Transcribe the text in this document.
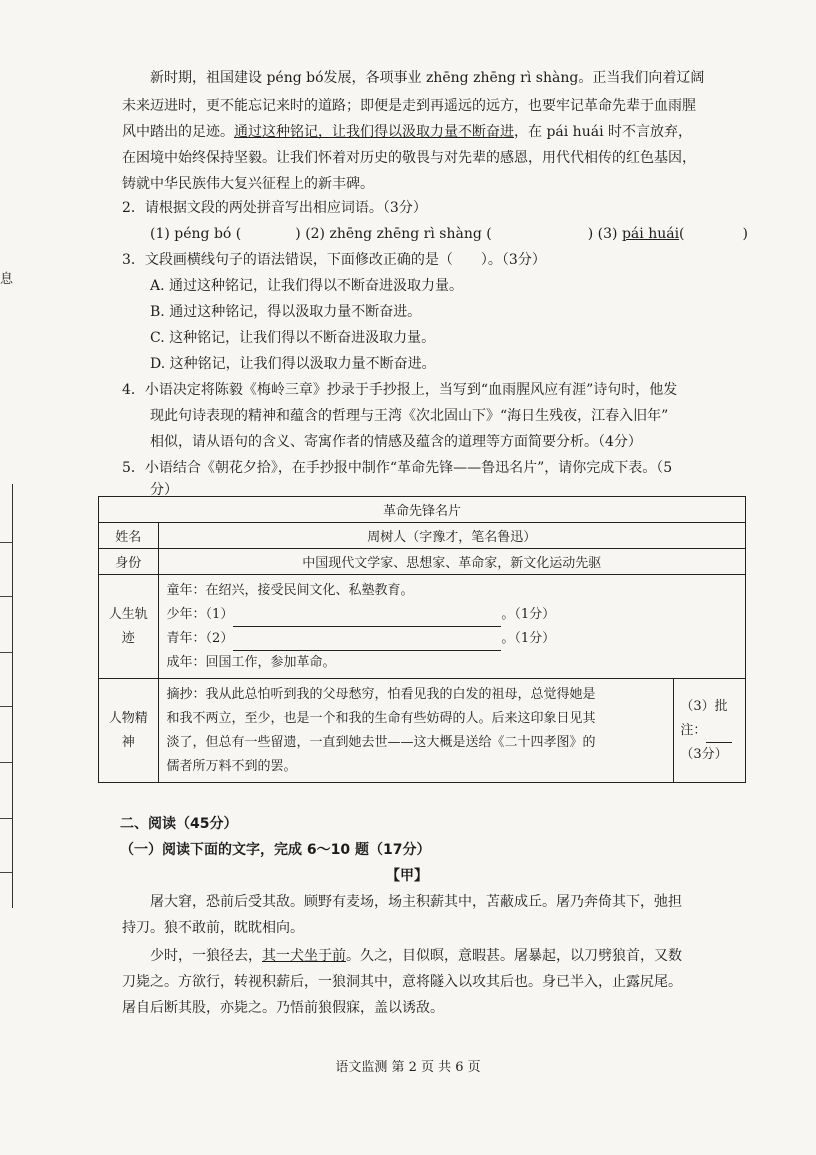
息
新时期，祖国建设 péng bó发展，各项事业 zhēng zhēng rì shàng。正当我们向着辽阔
未来迈进时，更不能忘记来时的道路；即便是走到再遥远的远方，也要牢记革命先辈于血雨腥
风中踏出的足迹。通过这种铭记，让我们得以汲取力量不断奋进，在 pái huái 时不言放弃，
在困境中始终保持坚毅。让我们怀着对历史的敬畏与对先辈的感恩，用代代相传的红色基因，
铸就中华民族伟大复兴征程上的新丰碑。
2．请根据文段的两处拼音写出相应词语。（3分）
(1) péng bó (	) (2) zhēng zhēng rì shàng (	) (3) pái huái(	)
3．文段画横线句子的语法错误，下面修改正确的是（　　）。（3分）
A. 通过这种铭记，让我们得以不断奋进汲取力量。
B. 通过这种铭记，得以汲取力量不断奋进。
C. 这种铭记，让我们得以不断奋进汲取力量。
D. 这种铭记，让我们得以汲取力量不断奋进。
4．小语决定将陈毅《梅岭三章》抄录于手抄报上，当写到“血雨腥风应有涯”诗句时，他发
现此句诗表现的精神和蕴含的哲理与王湾《次北固山下》“海日生残夜，江春入旧年”
相似，请从语句的含义、寄寓作者的情感及蕴含的道理等方面简要分析。（4分）
5．小语结合《朝花夕拾》，在手抄报中制作“革命先锋——鲁迅名片”，请你完成下表。（5
分）
革命先锋名片		
姓名	周树人（字豫才，笔名鲁迅）	
身份	中国现代文学家、思想家、革命家，新文化运动先驱	

人生轨
迹	童年：在绍兴，接受民间文化、私塾教育。
少年：（1） 。（1分）
青年：（2） 。（1分）
成年：回国工作，参加革命。	

人物精
神	摘抄：我从此总怕听到我的父母愁穷，怕看见我的白发的祖母，总觉得她是
和我不两立，至少，也是一个和我的生命有些妨碍的人。后来这印象日见其
淡了，但总有一些留遗，一直到她去世——这大概是送给《二十四孝图》的
儒者所万料不到的罢。	（3）批
注：
（3分）
二、阅读（45分）
（一）阅读下面的文字，完成 6～10 题（17分）
【甲】
屠大窘，恐前后受其敌。顾野有麦场，场主积薪其中，苫蔽成丘。屠乃奔倚其下，弛担
持刀。狼不敢前，眈眈相向。
少时，一狼径去，其一犬坐于前。久之，目似暝，意暇甚。屠暴起，以刀劈狼首，又数
刀毙之。方欲行，转视积薪后，一狼洞其中，意将隧入以攻其后也。身已半入，止露尻尾。
屠自后断其股，亦毙之。乃悟前狼假寐，盖以诱敌。
语文监测 第 2 页 共 6 页
